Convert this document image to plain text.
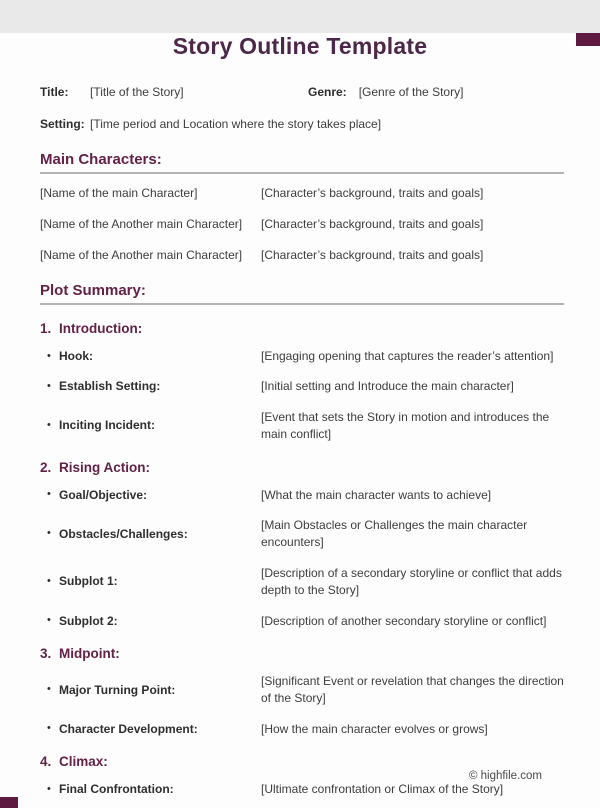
Story Outline Template
Title:	[Title of the Story]	Genre: [Genre of the Story]
Setting: [Time period and Location where the story takes place]
Main Characters:
[Name of the main Character]	[Character’s background, traits and goals]
[Name of the Another main Character]	[Character’s background, traits and goals]
[Name of the Another main Character]	[Character’s background, traits and goals]
Plot Summary:
1. Introduction:
• Hook:	[Engaging opening that captures the reader’s attention]
• Establish Setting:	[Initial setting and Introduce the main character]
• Inciting Incident:
[Event that sets the Story in motion and introduces the main conflict]
2. Rising Action:
• Goal/Objective:	[What the main character wants to achieve]
• Obstacles/Challenges:
[Main Obstacles or Challenges the main character encounters]
• Subplot 1:
[Description of a secondary storyline or conflict that adds depth to the Story]
• Subplot 2:	[Description of another secondary storyline or conflict]
3. Midpoint:
• Major Turning Point:
[Significant Event or revelation that changes the direction of the Story]
• Character Development:	[How the main character evolves or grows]
4. Climax:
• Final Confrontation:	[Ultimate confrontation or Climax of the Story]
© highfile.com
